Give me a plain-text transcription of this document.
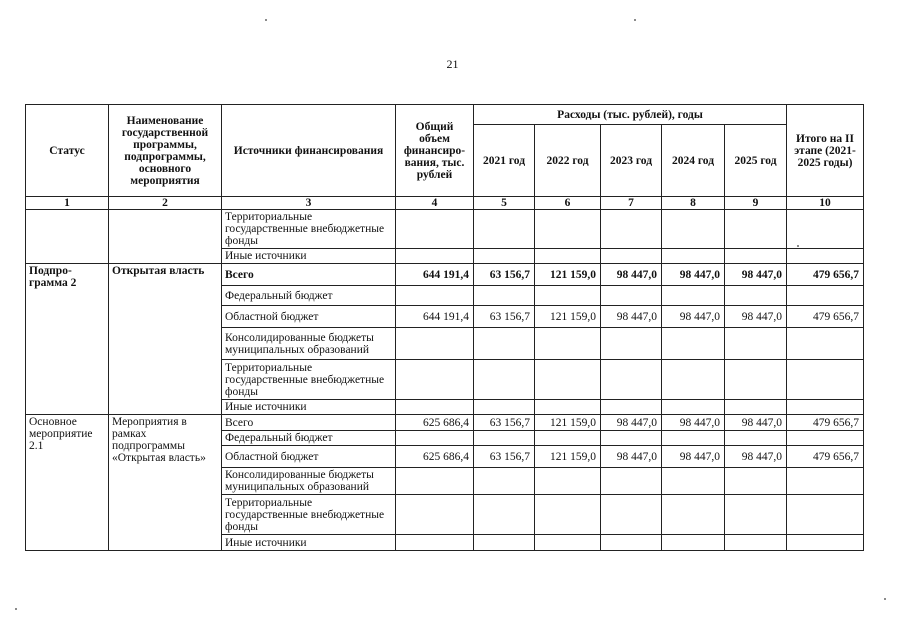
21
Статус	Наименование государственной программы, подпрограммы, основного мероприятия	Источники финансирования	Общий объем финансиро-вания, тыс. рублей	Расходы (тыс. рублей), годы					Итого на II этапе (2021-2025 годы)
				2021 год	2022 год	2023 год	2024 год	2025 год	
1	2	3	4	5	6	7	8	9	10
		Территориальные государственные внебюджетные фонды							
		Иные источники							
Подпро-грамма 2	Открытая власть	Всего	644 191,4	63 156,7	121 159,0	98 447,0	98 447,0	98 447,0	479 656,7
		Федеральный бюджет							
		Областной бюджет	644 191,4	63 156,7	121 159,0	98 447,0	98 447,0	98 447,0	479 656,7
		Консолидированные бюджеты муниципальных образований							
		Территориальные государственные внебюджетные фонды							
		Иные источники							
Основное мероприятие 2.1	Мероприятия в рамках подпрограммы «Открытая власть»	Всего	625 686,4	63 156,7	121 159,0	98 447,0	98 447,0	98 447,0	479 656,7
		Федеральный бюджет							
		Областной бюджет	625 686,4	63 156,7	121 159,0	98 447,0	98 447,0	98 447,0	479 656,7
		Консолидированные бюджеты муниципальных образований							
		Территориальные государственные внебюджетные фонды							
		Иные источники							
